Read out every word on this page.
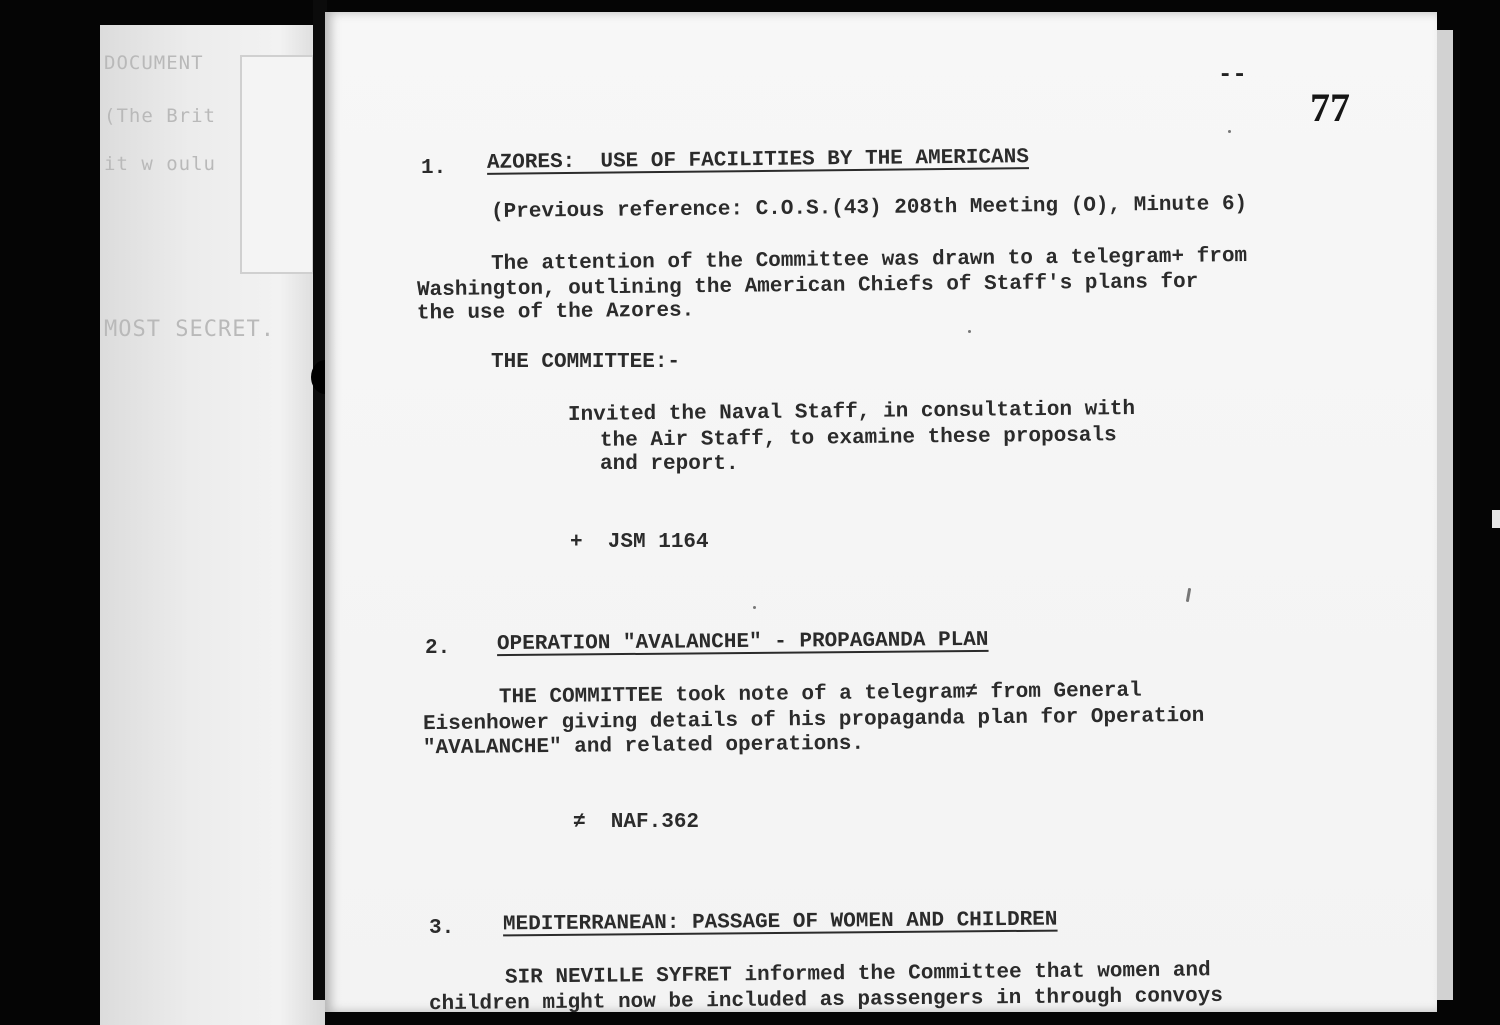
DOCUMENT
(The Brit
it w oulu
MOST SECRET.
--
77
1. AZORES:  USE OF FACILITIES BY THE AMERICANS
(Previous reference: C.O.S.(43) 208th Meeting (O), Minute 6)
The attention of the Committee was drawn to a telegram+ from
Washington, outlining the American Chiefs of Staff's plans for
the use of the Azores.
THE COMMITTEE:-
Invited the Naval Staff, in consultation with
the Air Staff, to examine these proposals
and report.
+  JSM 1164
2. OPERATION "AVALANCHE" - PROPAGANDA PLAN
THE COMMITTEE took note of a telegram≠ from General
Eisenhower giving details of his propaganda plan for Operation
"AVALANCHE" and related operations.
≠  NAF.362
3. MEDITERRANEAN: PASSAGE OF WOMEN AND CHILDREN
SIR NEVILLE SYFRET informed the Committee that women and
children might now be included as passengers in through convoys
